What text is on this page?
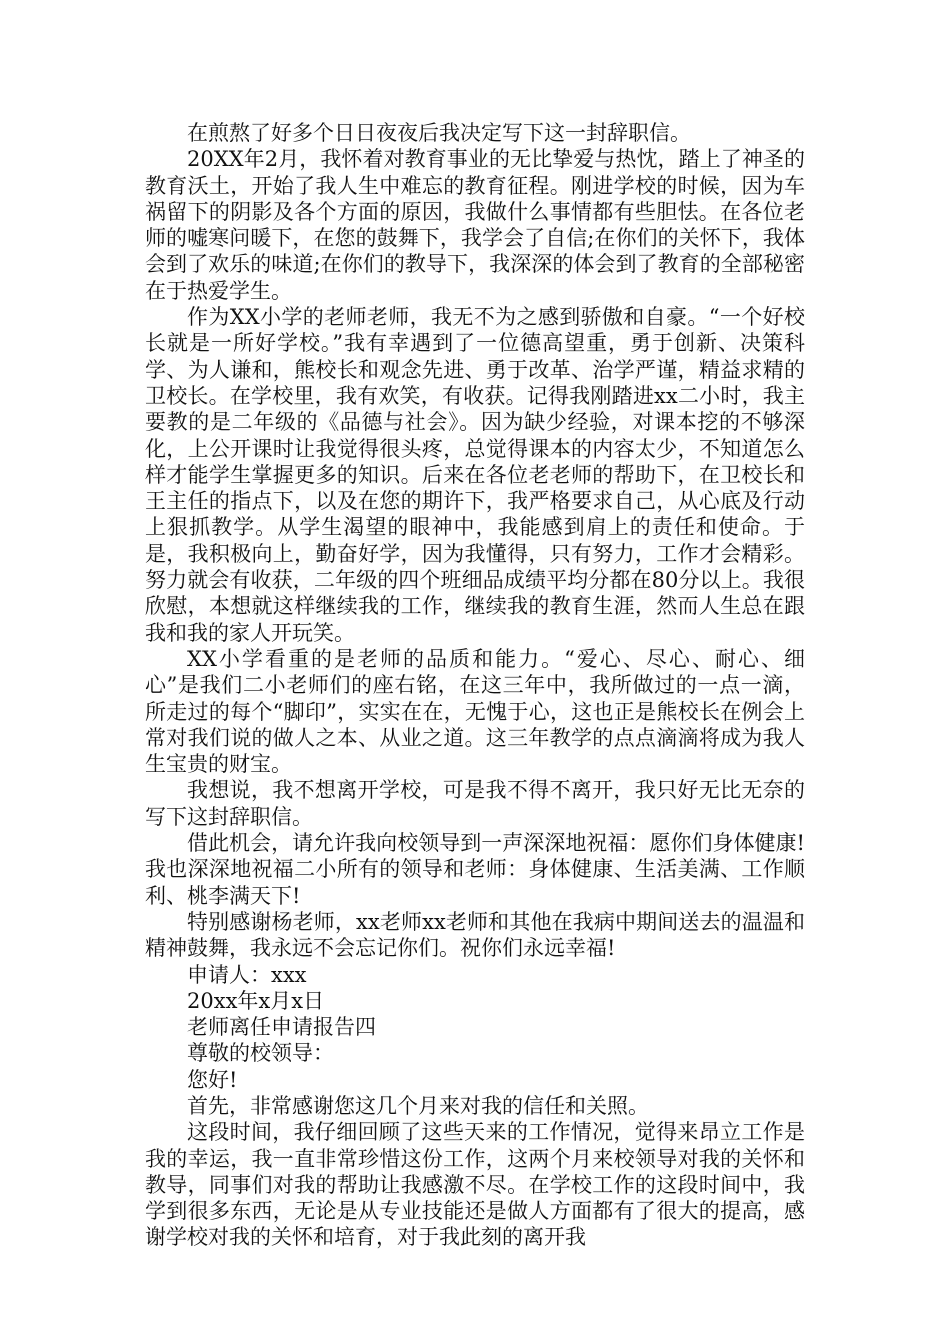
在煎熬了好多个日日夜夜后我决定写下这一封辞职信。

20XX年2月，我怀着对教育事业的无比挚爱与热忱，踏上了神圣的教育沃土，开始了我人生中难忘的教育征程。刚进学校的时候，因为车祸留下的阴影及各个方面的原因，我做什么事情都有些胆怯。在各位老师的嘘寒问暖下，在您的鼓舞下，我学会了自信;在你们的关怀下，我体会到了欢乐的味道;在你们的教导下，我深深的体会到了教育的全部秘密在于热爱学生。

作为XX小学的老师老师，我无不为之感到骄傲和自豪。“一个好校长就是一所好学校。”我有幸遇到了一位德高望重，勇于创新、决策科学、为人谦和，熊校长和观念先进、勇于改革、治学严谨，精益求精的卫校长。在学校里，我有欢笑，有收获。记得我刚踏进xx二小时，我主要教的是二年级的《品德与社会》。因为缺少经验，对课本挖的不够深化，上公开课时让我觉得很头疼，总觉得课本的内容太少，不知道怎么样才能学生掌握更多的知识。后来在各位老老师的帮助下，在卫校长和王主任的指点下，以及在您的期许下，我严格要求自己，从心底及行动上狠抓教学。从学生渴望的眼神中，我能感到肩上的责任和使命。于是，我积极向上，勤奋好学，因为我懂得，只有努力，工作才会精彩。努力就会有收获，二年级的四个班细品成绩平均分都在80分以上。我很欣慰，本想就这样继续我的工作，继续我的教育生涯，然而人生总在跟我和我的家人开玩笑。

XX小学看重的是老师的品质和能力。“爱心、尽心、耐心、细心”是我们二小老师们的座右铭，在这三年中，我所做过的一点一滴，所走过的每个“脚印”，实实在在，无愧于心，这也正是熊校长在例会上常对我们说的做人之本、从业之道。这三年教学的点点滴滴将成为我人生宝贵的财宝。

我想说，我不想离开学校，可是我不得不离开，我只好无比无奈的写下这封辞职信。

借此机会，请允许我向校领导到一声深深地祝福：愿你们身体健康!我也深深地祝福二小所有的领导和老师：身体健康、生活美满、工作顺利、桃李满天下!

特别感谢杨老师，xx老师xx老师和其他在我病中期间送去的温温和精神鼓舞，我永远不会忘记你们。祝你们永远幸福!

申请人：xxx

20xx年x月x日

老师离任申请报告四

尊敬的校领导：

您好!

首先，非常感谢您这几个月来对我的信任和关照。

这段时间，我仔细回顾了这些天来的工作情况，觉得来昂立工作是我的幸运，我一直非常珍惜这份工作，这两个月来校领导对我的关怀和教导，同事们对我的帮助让我感激不尽。在学校工作的这段时间中，我学到很多东西，无论是从专业技能还是做人方面都有了很大的提高，感谢学校对我的关怀和培育，对于我此刻的离开我
